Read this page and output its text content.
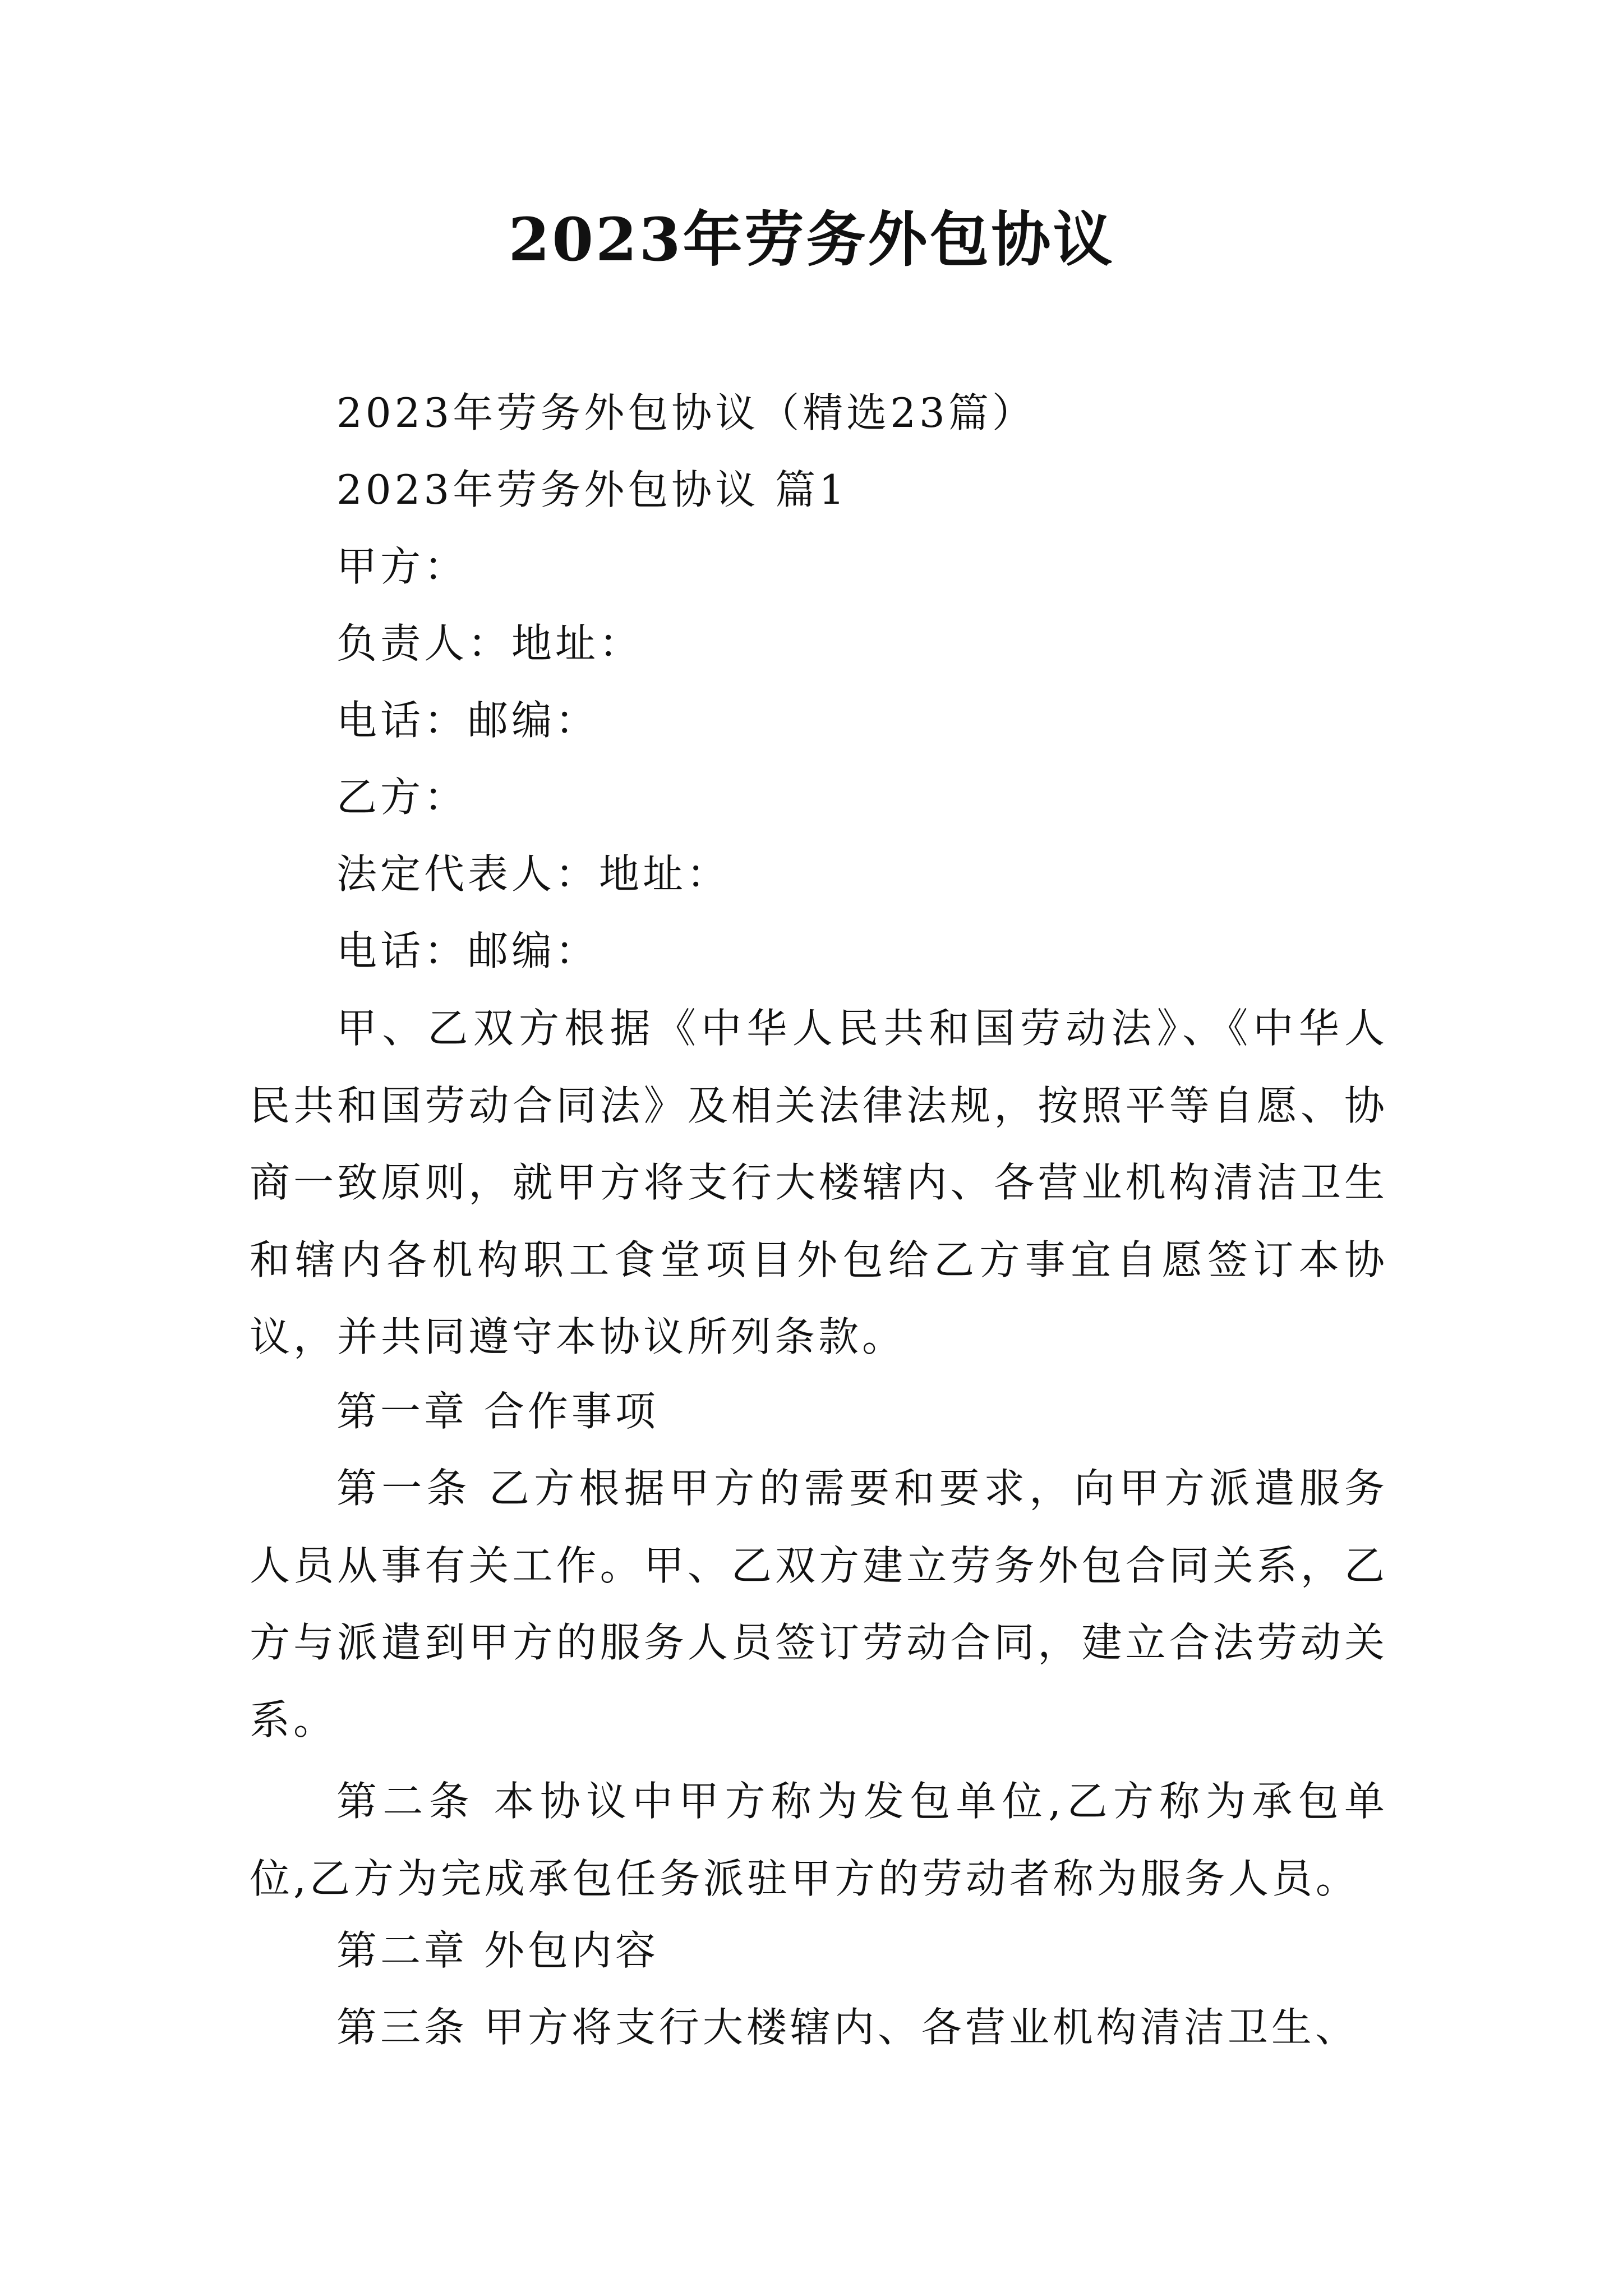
2023年劳务外包协议
2023年劳务外包协议（精选23篇）
2023年劳务外包协议 篇1
甲方：
负责人：地址：
电话：邮编：
乙方：
法定代表人：地址：
电话：邮编：
甲、乙双方根据《中华人民共和国劳动法》、《中华人民共和国劳动合同法》及相关法律法规，按照平等自愿、协商一致原则，就甲方将支行大楼辖内、各营业机构清洁卫生和辖内各机构职工食堂项目外包给乙方事宜自愿签订本协议，并共同遵守本协议所列条款。
第一章 合作事项
第一条 乙方根据甲方的需要和要求，向甲方派遣服务人员从事有关工作。甲、乙双方建立劳务外包合同关系，乙方与派遣到甲方的服务人员签订劳动合同，建立合法劳动关系。
第二条 本协议中甲方称为发包单位,乙方称为承包单位,乙方为完成承包任务派驻甲方的劳动者称为服务人员。
第二章 外包内容
第三条 甲方将支行大楼辖内、各营业机构清洁卫生、
